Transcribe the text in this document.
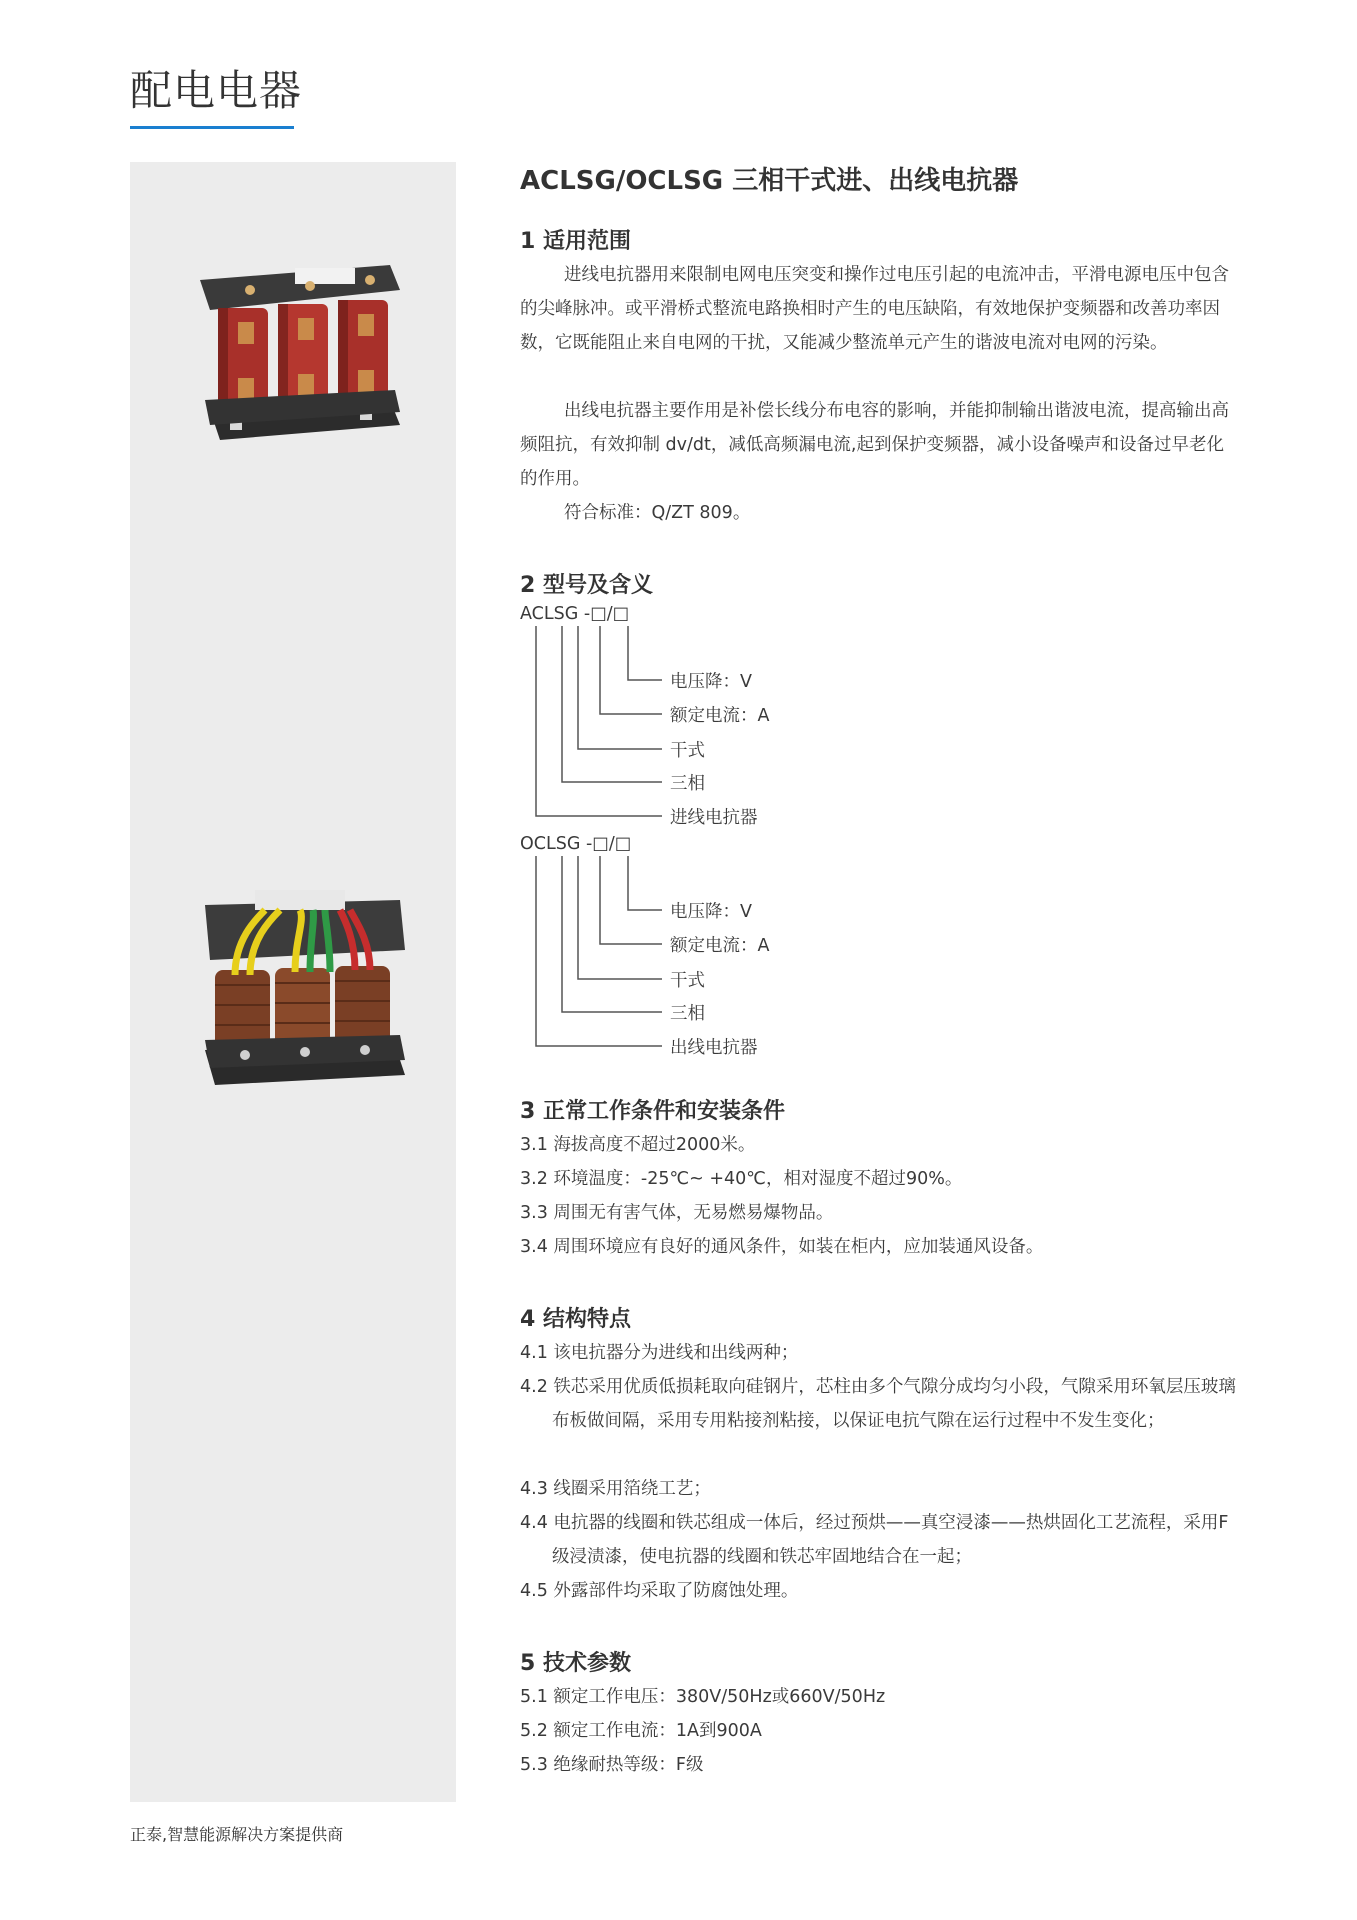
配电电器
ACLSG/OCLSG 三相干式进、出线电抗器
1 适用范围

进线电抗器用来限制电网电压突变和操作过电压引起的电流冲击，平滑电源电压中包含的尖峰脉冲。或平滑桥式整流电路换相时产生的电压缺陷，有效地保护变频器和改善功率因数，它既能阻止来自电网的干扰，又能减少整流单元产生的谐波电流对电网的污染。

出线电抗器主要作用是补偿长线分布电容的影响，并能抑制输出谐波电流，提高输出高频阻抗，有效抑制 dv/dt，减低高频漏电流,起到保护变频器，减小设备噪声和设备过早老化的作用。

符合标准：Q/ZT 809。

2 型号及含义
ACLSG -□/□
电压降：V
额定电流：A
干式
三相
进线电抗器
OCLSG -□/□
电压降：V
额定电流：A
干式
三相
出线电抗器
3 正常工作条件和安装条件

3.1 海拔高度不超过2000米。

3.2 环境温度：-25℃~ +40℃，相对湿度不超过90%。

3.3 周围无有害气体，无易燃易爆物品。

3.4 周围环境应有良好的通风条件，如装在柜内，应加装通风设备。

4 结构特点

4.1 该电抗器分为进线和出线两种；

4.2 铁芯采用优质低损耗取向硅钢片，芯柱由多个气隙分成均匀小段，气隙采用环氧层压玻璃布板做间隔，采用专用粘接剂粘接，以保证电抗气隙在运行过程中不发生变化；

4.3 线圈采用箔绕工艺；

4.4 电抗器的线圈和铁芯组成一体后，经过预烘——真空浸漆——热烘固化工艺流程，采用F级浸渍漆，使电抗器的线圈和铁芯牢固地结合在一起；

4.5 外露部件均采取了防腐蚀处理。

5 技术参数

5.1 额定工作电压：380V/50Hz或660V/50Hz

5.2 额定工作电流：1A到900A

5.3 绝缘耐热等级：F级

正泰,智慧能源解决方案提供商
